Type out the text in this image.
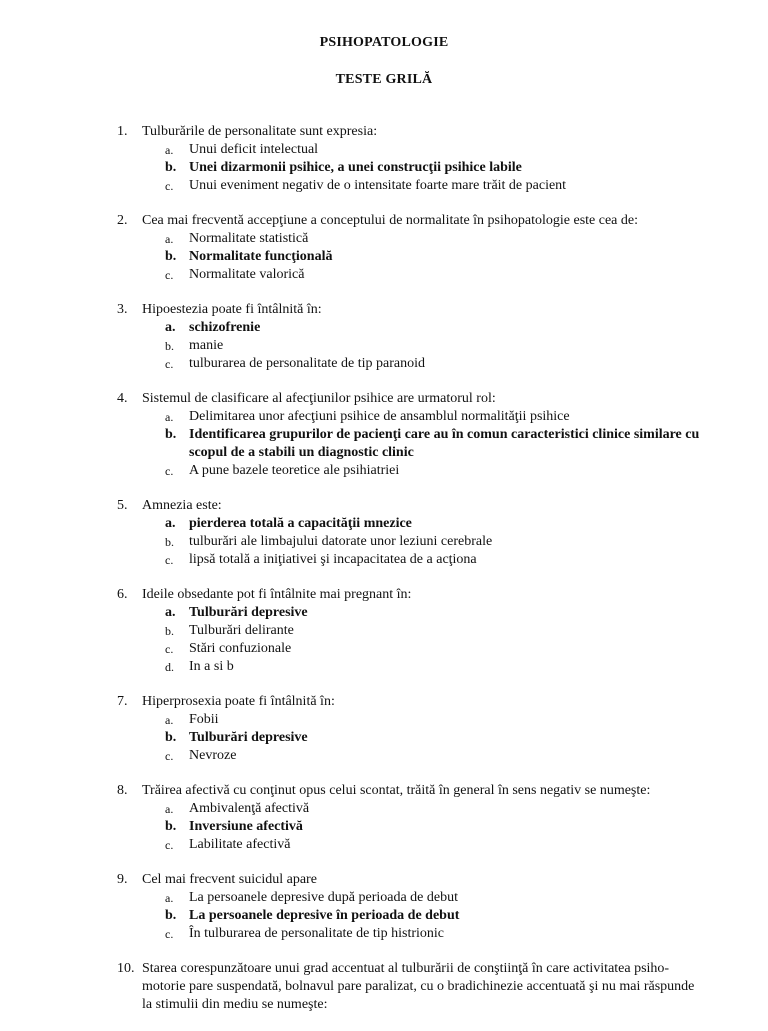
PSIHOPATOLOGIE
TESTE GRILĂ
1.	Tulburările de personalitate sunt expresia:
a.	Unui deficit intelectual
b. Unei dizarmonii psihice, a unei construcţii psihice labile
c.	Unui eveniment negativ de o intensitate foarte mare trăit de pacient
2.	Cea mai frecventă accepţiune a conceptului de normalitate în psihopatologie este cea de:
a.	Normalitate statistică
b. Normalitate funcţională
c.	Normalitate valorică
3.	Hipoestezia poate fi întâlnită în:
a. schizofrenie
b.	manie
c.	tulburarea de personalitate de tip paranoid
4.	Sistemul de clasificare al afecţiunilor psihice are urmatorul rol:
a.	Delimitarea unor afecţiuni psihice de ansamblul normalităţii psihice
b. Identificarea grupurilor de pacienţi care au în comun caracteristici clinice similare cu scopul de a stabili un diagnostic clinic
c.	A pune bazele teoretice ale psihiatriei
5.	Amnezia este:
a. pierderea totală a capacităţii mnezice
b.	tulburări ale limbajului datorate unor leziuni cerebrale
c.	lipsă totală a iniţiativei şi incapacitatea de a acţiona
6.	Ideile obsedante pot fi întâlnite mai pregnant în:
a. Tulburări depresive
b.	Tulburări delirante
c.	Stări confuzionale
d.	In a si b
7.	Hiperprosexia poate fi întâlnită în:
a.	Fobii
b. Tulburări depresive
c.	Nevroze
8.	Trăirea afectivă cu conţinut opus celui scontat, trăită în general în sens negativ se numeşte:
a.	Ambivalenţă afectivă
b. Inversiune afectivă
c.	Labilitate afectivă
9.	Cel mai frecvent suicidul apare
a.	La persoanele depresive după perioada de debut
b. La persoanele depresive în perioada de debut
c.	În tulburarea de personalitate de tip histrionic
10. Starea corespunzătoare unui grad accentuat al tulburării de conştiinţă în care activitatea psiho-motorie pare suspendată, bolnavul pare paralizat, cu o bradichinezie accentuată şi nu mai răspunde la stimulii din mediu se numeşte:
